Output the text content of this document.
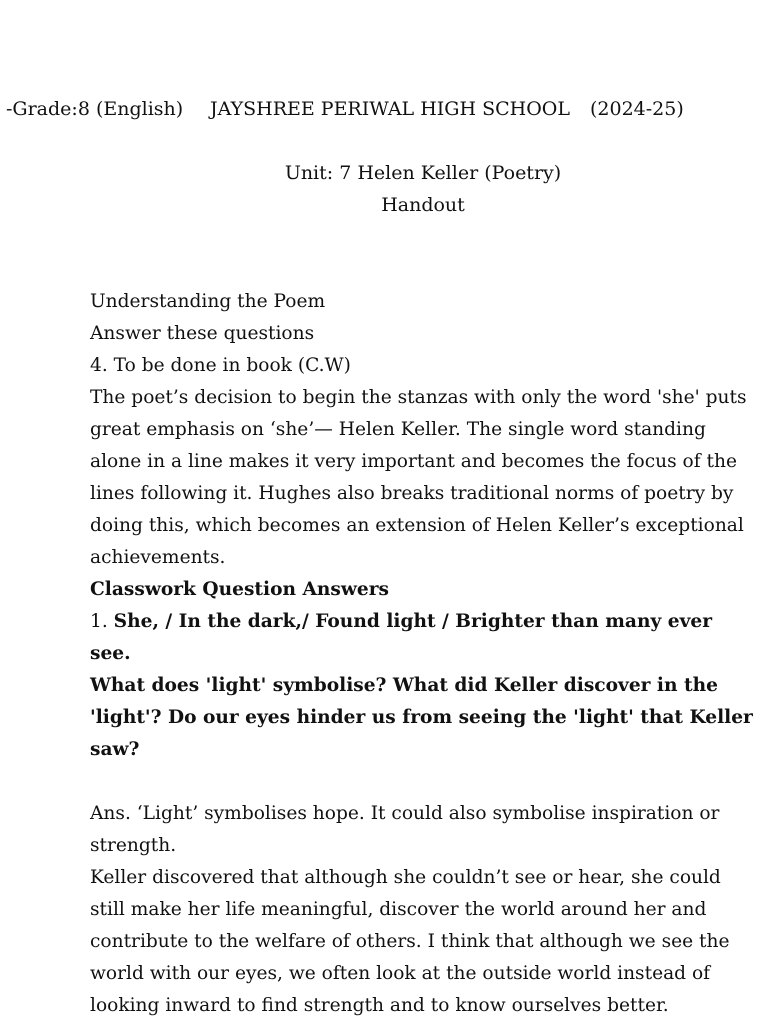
-Grade:8 (English) JAYSHREE PERIWAL HIGH SCHOOL (2024-25)
Unit: 7 Helen Keller (Poetry)
Handout

Understanding the Poem

Answer these questions

4. To be done in book (C.W)

The poet’s decision to begin the stanzas with only the word 'she' puts great emphasis on ‘she’— Helen Keller. The single word standing alone in a line makes it very important and becomes the focus of the lines following it. Hughes also breaks traditional norms of poetry by doing this, which becomes an extension of Helen Keller’s exceptional achievements.

Classwork Question Answers

1. She, / In the dark,/ Found light / Brighter than many ever see.

What does 'light' symbolise? What did Keller discover in the 'light'? Do our eyes hinder us from seeing the 'light' that Keller saw?

Ans. ‘Light’ symbolises hope. It could also symbolise inspiration or strength.

Keller discovered that although she couldn’t see or hear, she could still make her life meaningful, discover the world around her and contribute to the welfare of others. I think that although we see the world with our eyes, we often look at the outside world instead of looking inward to find strength and to know ourselves better.
